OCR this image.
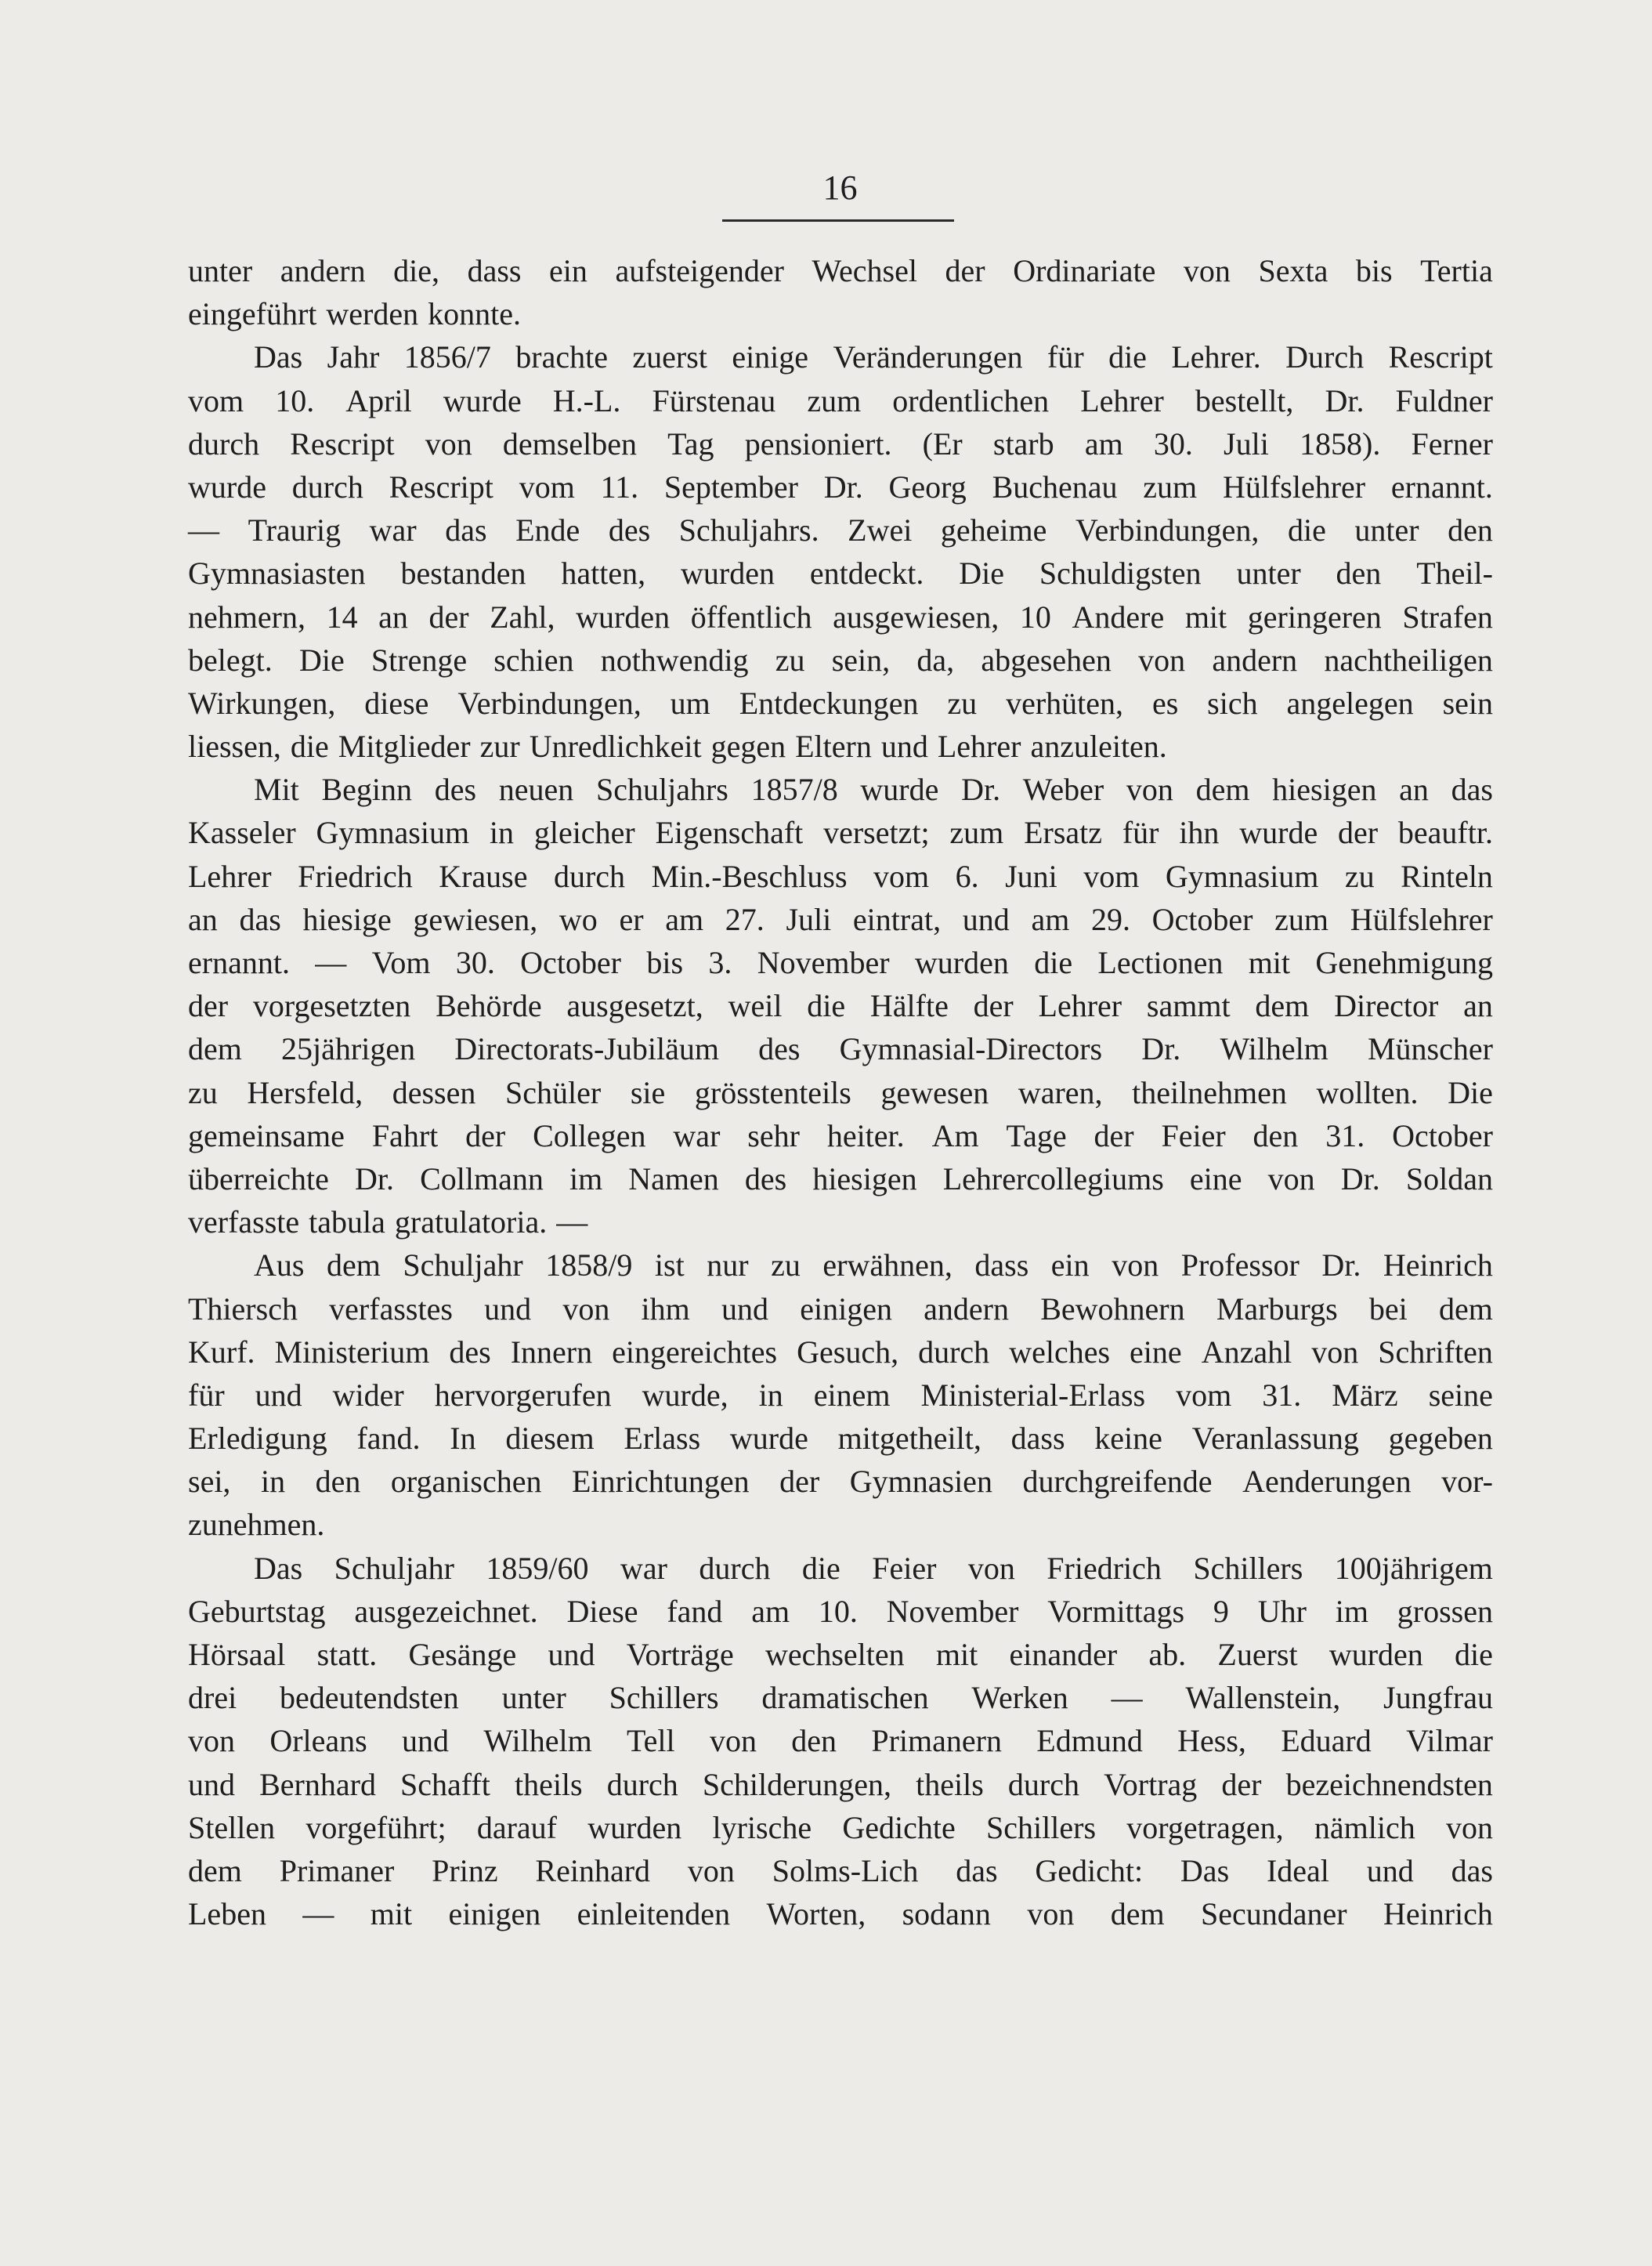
16
unter andern die, dass ein aufsteigender Wechsel der Ordinariate von Sexta bis Tertia
eingeführt werden konnte.
Das Jahr 1856/7 brachte zuerst einige Veränderungen für die Lehrer. Durch Rescript
vom 10. April wurde H.-L. Fürstenau zum ordentlichen Lehrer bestellt, Dr. Fuldner
durch Rescript von demselben Tag pensioniert. (Er starb am 30. Juli 1858). Ferner
wurde durch Rescript vom 11. September Dr. Georg Buchenau zum Hülfslehrer ernannt.
— Traurig war das Ende des Schuljahrs. Zwei geheime Verbindungen, die unter den
Gymnasiasten bestanden hatten, wurden entdeckt. Die Schuldigsten unter den Theil-
nehmern, 14 an der Zahl, wurden öffentlich ausgewiesen, 10 Andere mit geringeren Strafen
belegt. Die Strenge schien nothwendig zu sein, da, abgesehen von andern nachtheiligen
Wirkungen, diese Verbindungen, um Entdeckungen zu verhüten, es sich angelegen sein
liessen, die Mitglieder zur Unredlichkeit gegen Eltern und Lehrer anzuleiten.
Mit Beginn des neuen Schuljahrs 1857/8 wurde Dr. Weber von dem hiesigen an das
Kasseler Gymnasium in gleicher Eigenschaft versetzt; zum Ersatz für ihn wurde der beauftr.
Lehrer Friedrich Krause durch Min.-Beschluss vom 6. Juni vom Gymnasium zu Rinteln
an das hiesige gewiesen, wo er am 27. Juli eintrat, und am 29. October zum Hülfslehrer
ernannt. — Vom 30. October bis 3. November wurden die Lectionen mit Genehmigung
der vorgesetzten Behörde ausgesetzt, weil die Hälfte der Lehrer sammt dem Director an
dem 25jährigen Directorats-Jubiläum des Gymnasial-Directors Dr. Wilhelm Münscher
zu Hersfeld, dessen Schüler sie grösstenteils gewesen waren, theilnehmen wollten. Die
gemeinsame Fahrt der Collegen war sehr heiter. Am Tage der Feier den 31. October
überreichte Dr. Collmann im Namen des hiesigen Lehrercollegiums eine von Dr. Soldan
verfasste tabula gratulatoria. —
Aus dem Schuljahr 1858/9 ist nur zu erwähnen, dass ein von Professor Dr. Heinrich
Thiersch verfasstes und von ihm und einigen andern Bewohnern Marburgs bei dem
Kurf. Ministerium des Innern eingereichtes Gesuch, durch welches eine Anzahl von Schriften
für und wider hervorgerufen wurde, in einem Ministerial-Erlass vom 31. März seine
Erledigung fand. In diesem Erlass wurde mitgetheilt, dass keine Veranlassung gegeben
sei, in den organischen Einrichtungen der Gymnasien durchgreifende Aenderungen vor-
zunehmen.
Das Schuljahr 1859/60 war durch die Feier von Friedrich Schillers 100jährigem
Geburtstag ausgezeichnet. Diese fand am 10. November Vormittags 9 Uhr im grossen
Hörsaal statt. Gesänge und Vorträge wechselten mit einander ab. Zuerst wurden die
drei bedeutendsten unter Schillers dramatischen Werken — Wallenstein, Jungfrau
von Orleans und Wilhelm Tell von den Primanern Edmund Hess, Eduard Vilmar
und Bernhard Schafft theils durch Schilderungen, theils durch Vortrag der bezeichnendsten
Stellen vorgeführt; darauf wurden lyrische Gedichte Schillers vorgetragen, nämlich von
dem Primaner Prinz Reinhard von Solms-Lich das Gedicht: Das Ideal und das
Leben — mit einigen einleitenden Worten, sodann von dem Secundaner Heinrich
